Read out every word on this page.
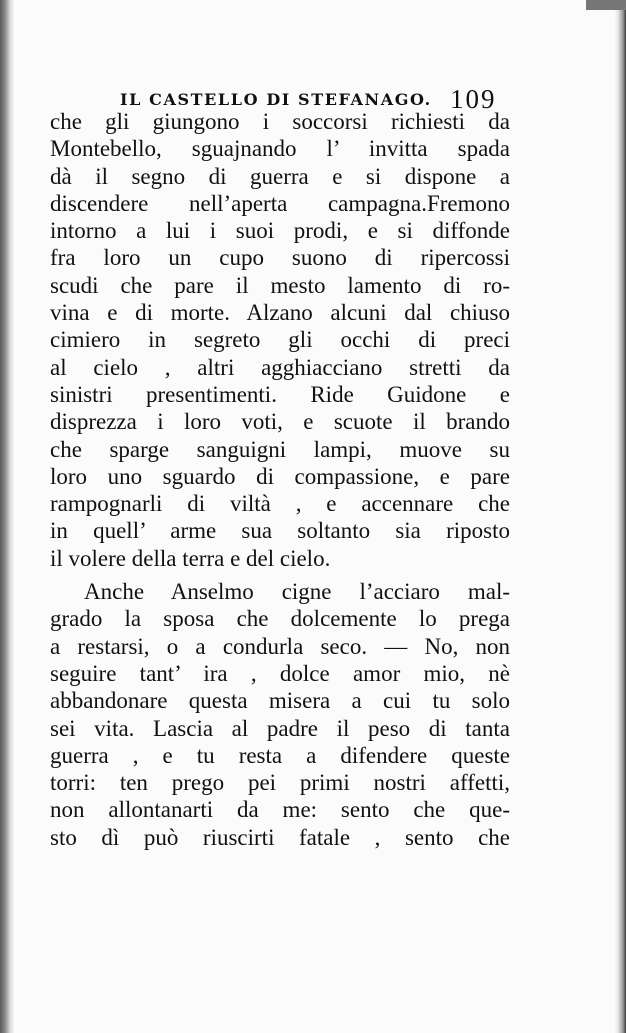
IL CASTELLO DI STEFANAGO. 109
che gli giungono i soccorsi richiesti da
Montebello, sguajnando l’ invitta spada
dà il segno di guerra e si dispone a
discendere nell’aperta campagna.Fremono
intorno a lui i suoi prodi, e si diffonde
fra loro un cupo suono di ripercossi
scudi che pare il mesto lamento di ro-
vina e di morte. Alzano alcuni dal chiuso
cimiero in segreto gli occhi di preci
al cielo , altri agghiacciano stretti da
sinistri presentimenti. Ride Guidone e
disprezza i loro voti, e scuote il brando
che sparge sanguigni lampi, muove su
loro uno sguardo di compassione, e pare
rampognarli di viltà , e accennare che
in quell’ arme sua soltanto sia riposto
il volere della terra e del cielo.
Anche Anselmo cigne l’acciaro mal-
grado la sposa che dolcemente lo prega
a restarsi, o a condurla seco. — No, non
seguire tant’ ira , dolce amor mio, nè
abbandonare questa misera a cui tu solo
sei vita. Lascia al padre il peso di tanta
guerra , e tu resta a difendere queste
torri: ten prego pei primi nostri affetti,
non allontanarti da me: sento che que-
sto dì può riuscirti fatale , sento che
